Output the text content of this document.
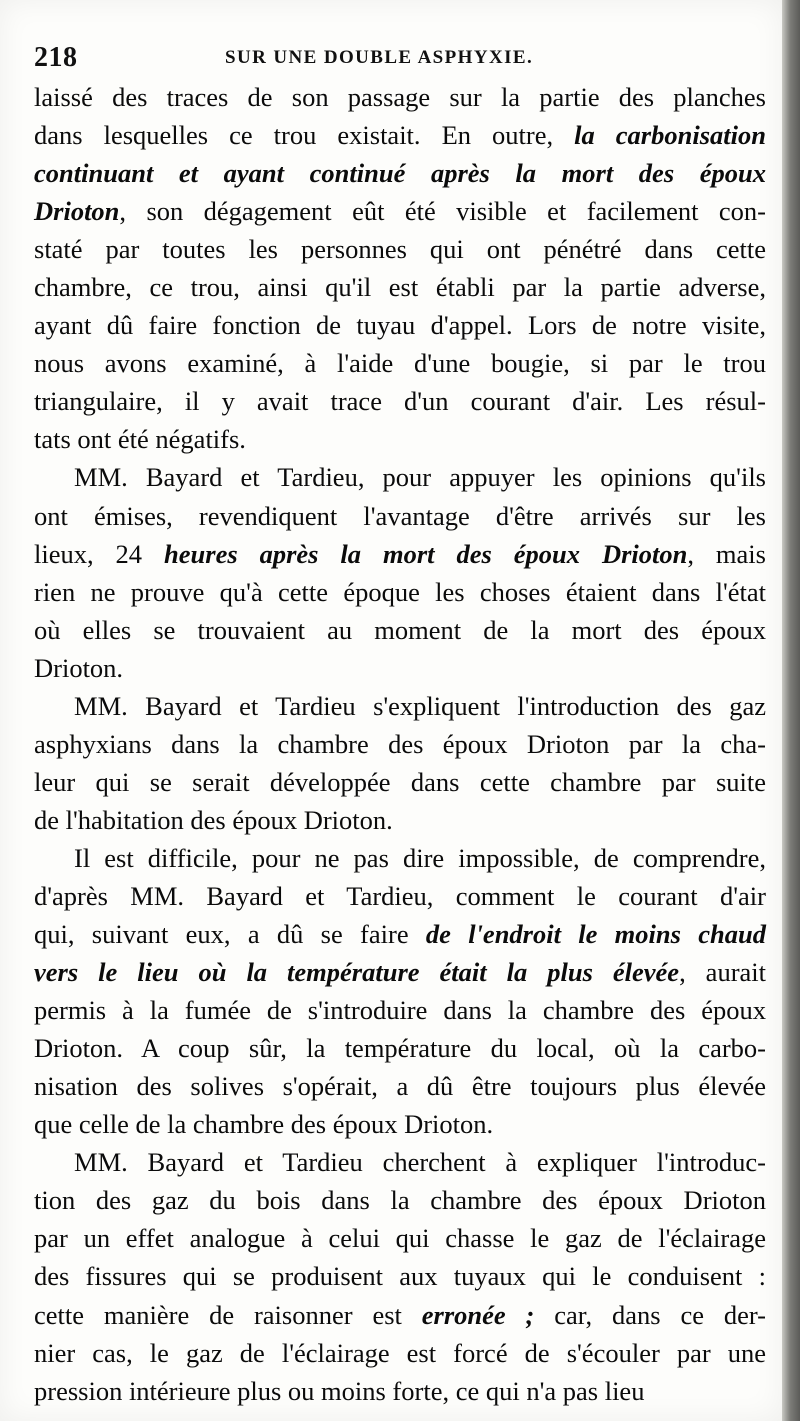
218	SUR UNE DOUBLE ASPHYXIE.
laissé des traces de son passage sur la partie des planches
dans lesquelles ce trou existait. En outre, la carbonisation
continuant et ayant continué après la mort des époux
Drioton, son dégagement eût été visible et facilement con-
staté par toutes les personnes qui ont pénétré dans cette
chambre, ce trou, ainsi qu'il est établi par la partie adverse,
ayant dû faire fonction de tuyau d'appel. Lors de notre visite,
nous avons examiné, à l'aide d'une bougie, si par le trou
triangulaire, il y avait trace d'un courant d'air. Les résul-
tats ont été négatifs.
MM. Bayard et Tardieu, pour appuyer les opinions qu'ils
ont émises, revendiquent l'avantage d'être arrivés sur les
lieux, 24 heures après la mort des époux Drioton, mais
rien ne prouve qu'à cette époque les choses étaient dans l'état
où elles se trouvaient au moment de la mort des époux
Drioton.
MM. Bayard et Tardieu s'expliquent l'introduction des gaz
asphyxians dans la chambre des époux Drioton par la cha-
leur qui se serait développée dans cette chambre par suite
de l'habitation des époux Drioton.
Il est difficile, pour ne pas dire impossible, de comprendre,
d'après MM. Bayard et Tardieu, comment le courant d'air
qui, suivant eux, a dû se faire de l'endroit le moins chaud
vers le lieu où la température était la plus élevée, aurait
permis à la fumée de s'introduire dans la chambre des époux
Drioton. A coup sûr, la température du local, où la carbo-
nisation des solives s'opérait, a dû être toujours plus élevée
que celle de la chambre des époux Drioton.
MM. Bayard et Tardieu cherchent à expliquer l'introduc-
tion des gaz du bois dans la chambre des époux Drioton
par un effet analogue à celui qui chasse le gaz de l'éclairage
des fissures qui se produisent aux tuyaux qui le conduisent :
cette manière de raisonner est erronée ; car, dans ce der-
nier cas, le gaz de l'éclairage est forcé de s'écouler par une
pression intérieure plus ou moins forte, ce qui n'a pas lieu
